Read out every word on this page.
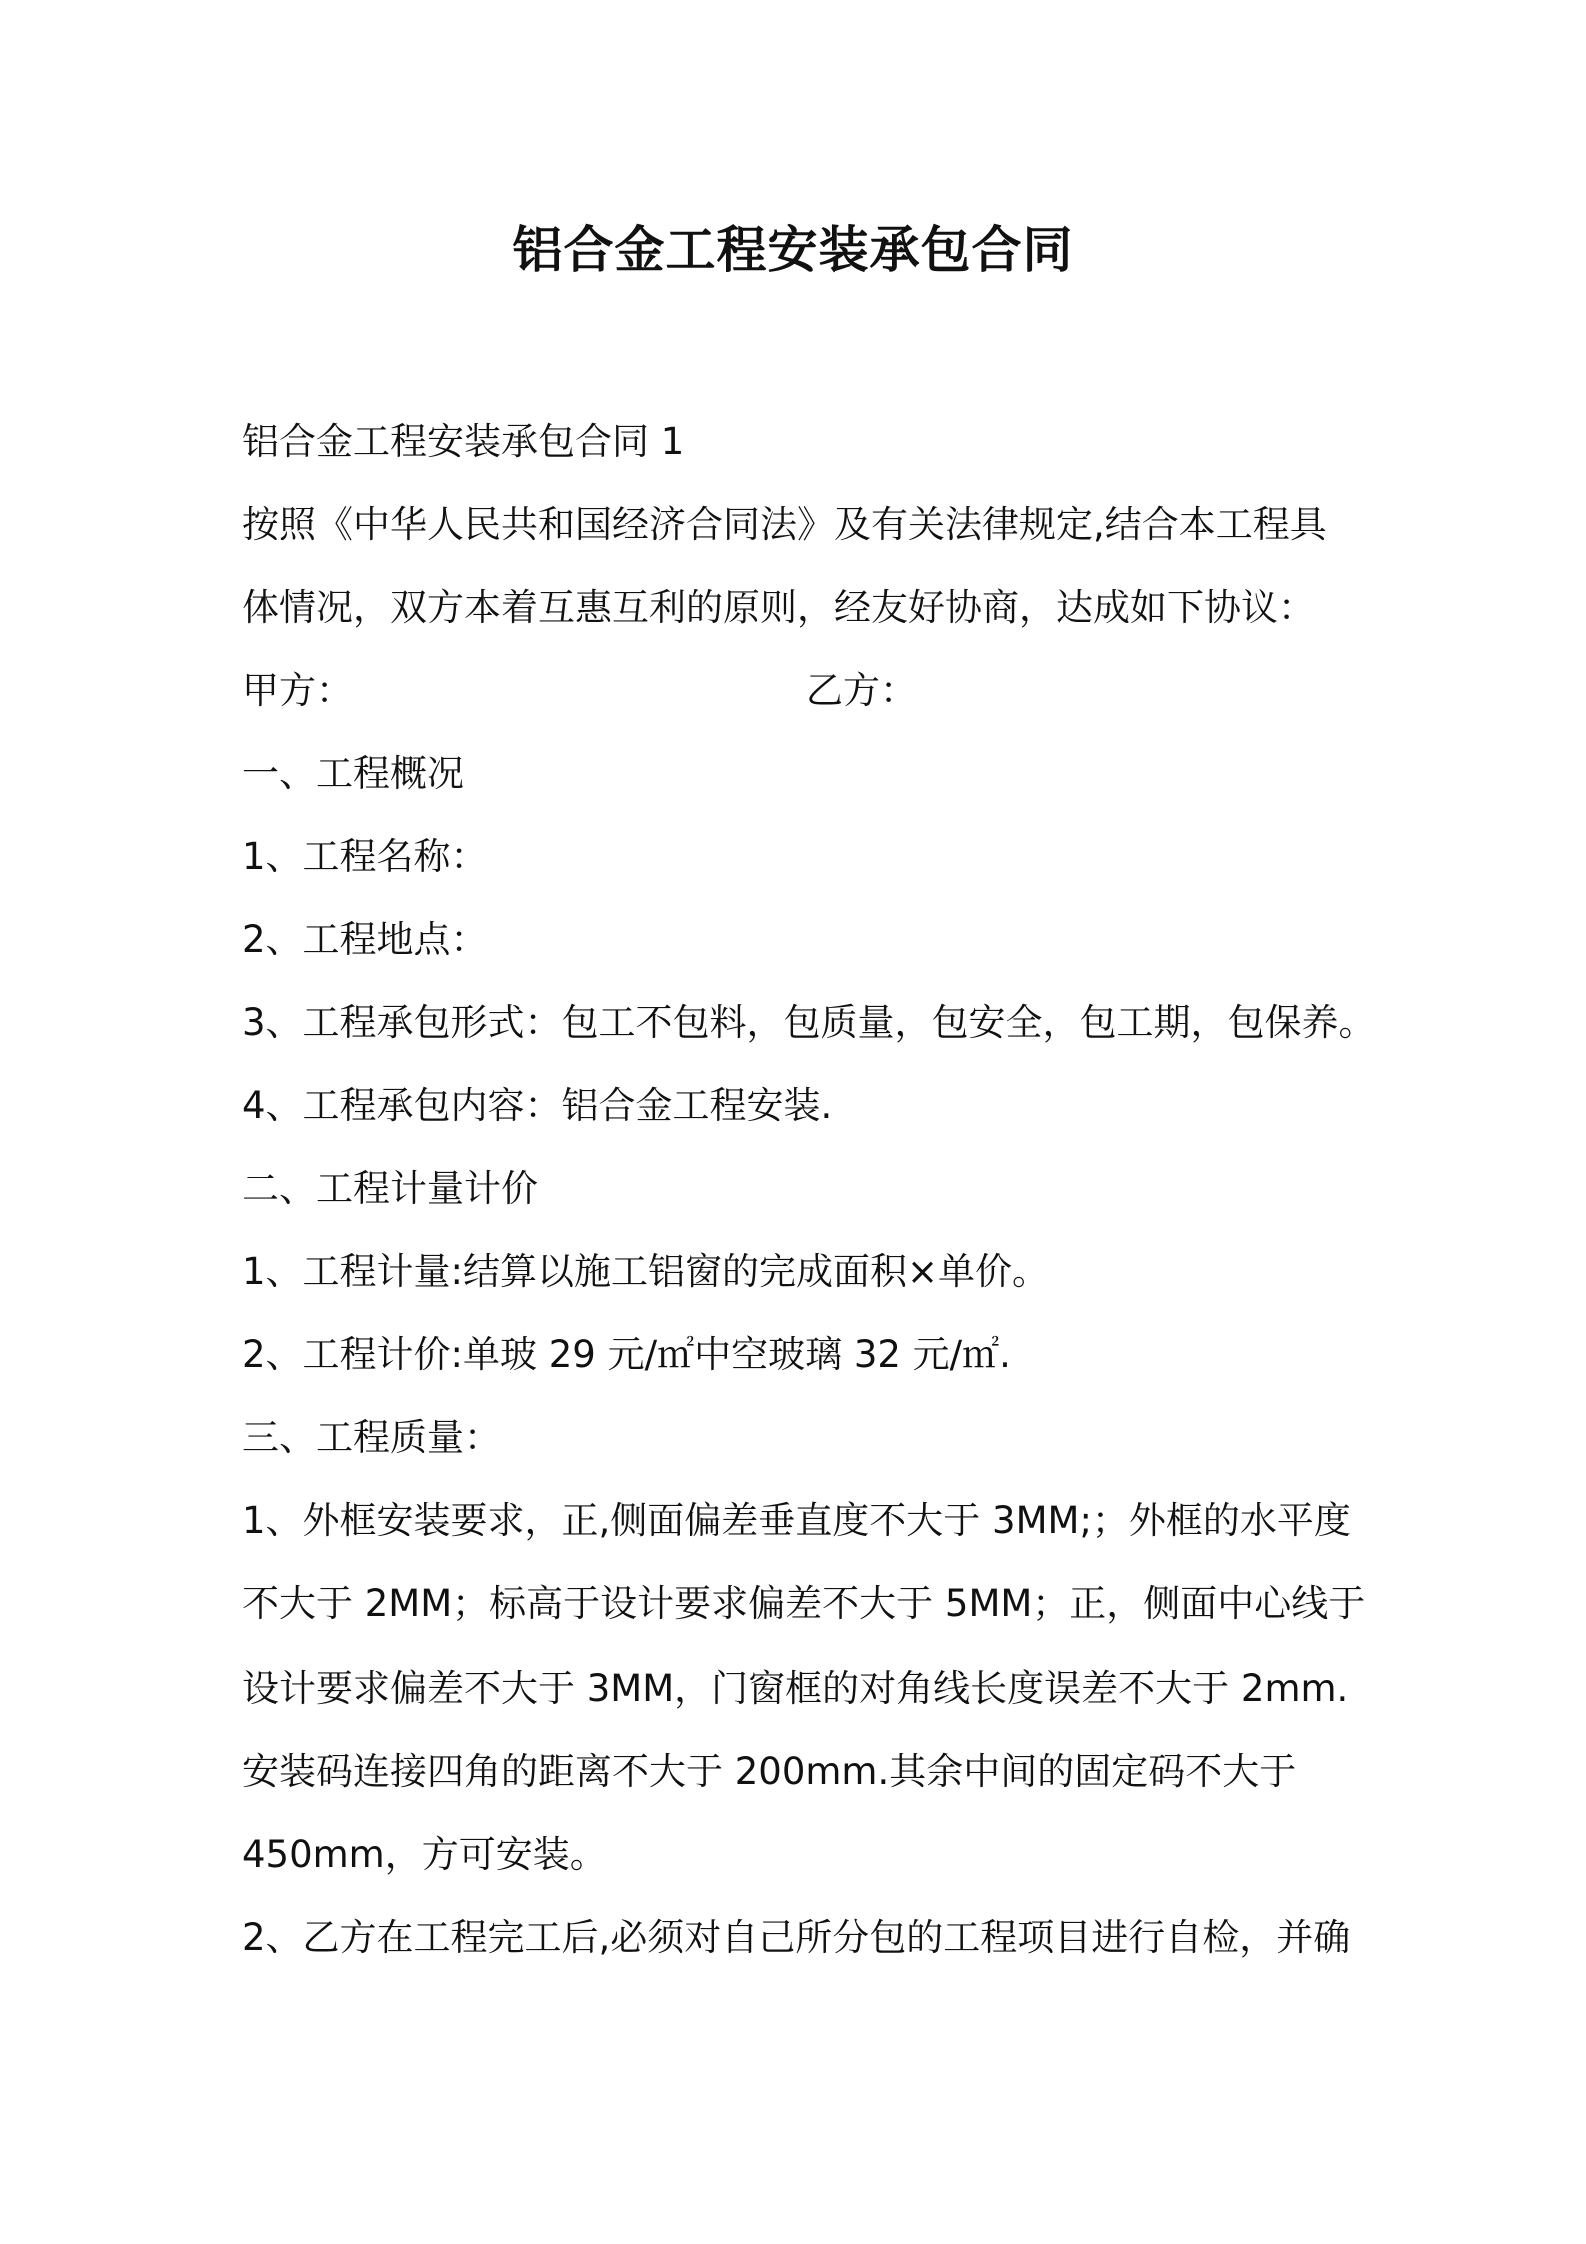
铝合金工程安装承包合同
铝合金工程安装承包合同 1
按照《中华人民共和国经济合同法》及有关法律规定,结合本工程具
体情况，双方本着互惠互利的原则，经友好协商，达成如下协议：
甲方：	乙方：
一、工程概况
1、工程名称：
2、工程地点：
3、工程承包形式：包工不包料，包质量，包安全，包工期，包保养。
4、工程承包内容：铝合金工程安装.
二、工程计量计价
1、工程计量:结算以施工铝窗的完成面积×单价。
2、工程计价:单玻 29 元/㎡中空玻璃 32 元/㎡.
三、工程质量：
1、外框安装要求，正,侧面偏差垂直度不大于 3MM;；外框的水平度
不大于 2MM；标高于设计要求偏差不大于 5MM；正，侧面中心线于
设计要求偏差不大于 3MM，门窗框的对角线长度误差不大于 2mm.
安装码连接四角的距离不大于 200mm.其余中间的固定码不大于
450mm，方可安装。
2、乙方在工程完工后,必须对自己所分包的工程项目进行自检，并确
